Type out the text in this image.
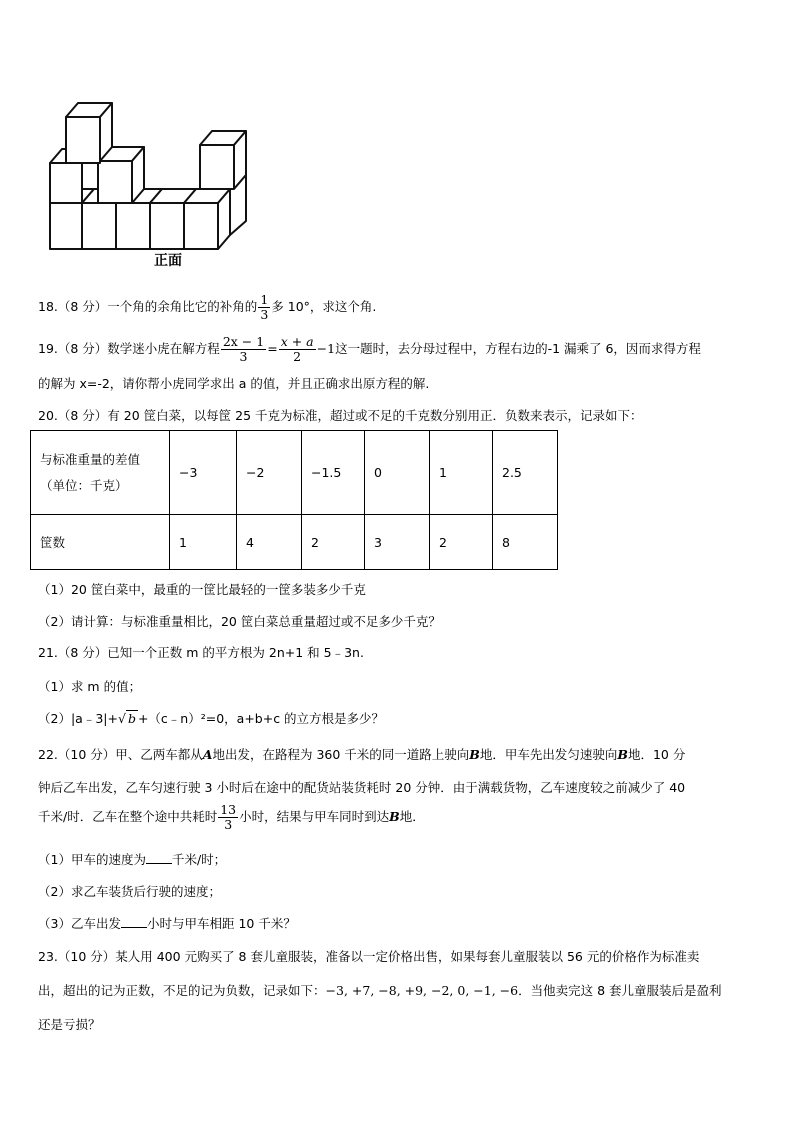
正面
18.（8 分）一个角的余角比它的补角的 $\frac{1}{3}$ 多 10°，求这个角.
19.（8 分）数学迷小虎在解方程 $\frac{2x - 1}{3} = \frac{x + a}{2} -1$这一题时，去分母过程中，方程右边的-1 漏乘了 6，因而求得方程
的解为 x=-2，请你帮小虎同学求出 a 的值，并且正确求出原方程的解.
20.（8 分）有 20 筐白菜，以每筐 25 千克为标准，超过或不足的千克数分别用正．负数来表示，记录如下：
与标准重量的差值
（单位：千克）	−3	−2	−1.5	0	1	2.5
筐数	1	4	2	3	2	8
（1）20 筐白菜中，最重的一筐比最轻的一筐多装多少千克
（2）请计算：与标准重量相比，20 筐白菜总重量超过或不足多少千克？
21.（8 分）已知一个正数 m 的平方根为 2n+1 和 5﹣3n.
（1）求 m 的值；
（2）|a﹣3|+√ b +（c﹣n）²=0，a+b+c 的立方根是多少？
22.（10 分）甲、乙两车都从A地出发，在路程为 360 千米的同一道路上驶向B地．甲车先出发匀速驶向B地．10 分
钟后乙车出发，乙车匀速行驶 3 小时后在途中的配货站装货耗时 20 分钟．由于满载货物，乙车速度较之前减少了 40
千米/时．乙车在整个途中共耗时 $\frac{13}{3}$ 小时，结果与甲车同时到达B地．
（1）甲车的速度为 千米/时；
（2）求乙车装货后行驶的速度；
（3）乙车出发 小时与甲车相距 10 千米？
23.（10 分）某人用 400 元购买了 8 套儿童服装，准备以一定价格出售，如果每套儿童服装以 56 元的价格作为标准卖
出，超出的记为正数，不足的记为负数，记录如下：−3, +7, −8, +9, −2, 0, −1, −6．当他卖完这 8 套儿童服装后是盈利
还是亏损？
